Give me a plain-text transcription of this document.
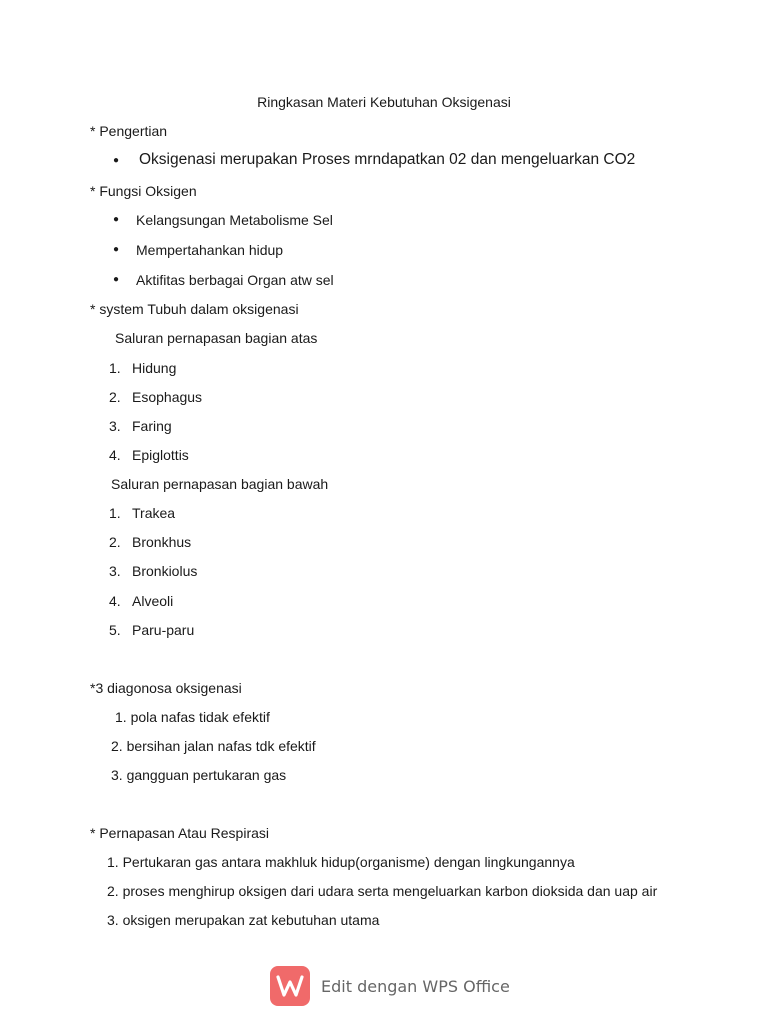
Ringkasan Materi Kebutuhan Oksigenasi
* Pengertian
● Oksigenasi merupakan Proses mrndapatkan 02 dan mengeluarkan CO2
* Fungsi Oksigen
● Kelangsungan Metabolisme Sel
● Mempertahankan hidup
● Aktifitas berbagai Organ atw sel
* system Tubuh dalam oksigenasi
Saluran pernapasan bagian atas
1. Hidung
2. Esophagus
3. Faring
4. Epiglottis
Saluran pernapasan bagian bawah
1. Trakea
2. Bronkhus
3. Bronkiolus
4. Alveoli
5. Paru-paru
*3 diagonosa oksigenasi
1. pola nafas tidak efektif
2. bersihan jalan nafas tdk efektif
3. gangguan pertukaran gas
* Pernapasan Atau Respirasi
1. Pertukaran gas antara makhluk hidup(organisme) dengan lingkungannya
2. proses menghirup oksigen dari udara serta mengeluarkan karbon dioksida dan uap air
3. oksigen merupakan zat kebutuhan utama
Edit dengan WPS Office
